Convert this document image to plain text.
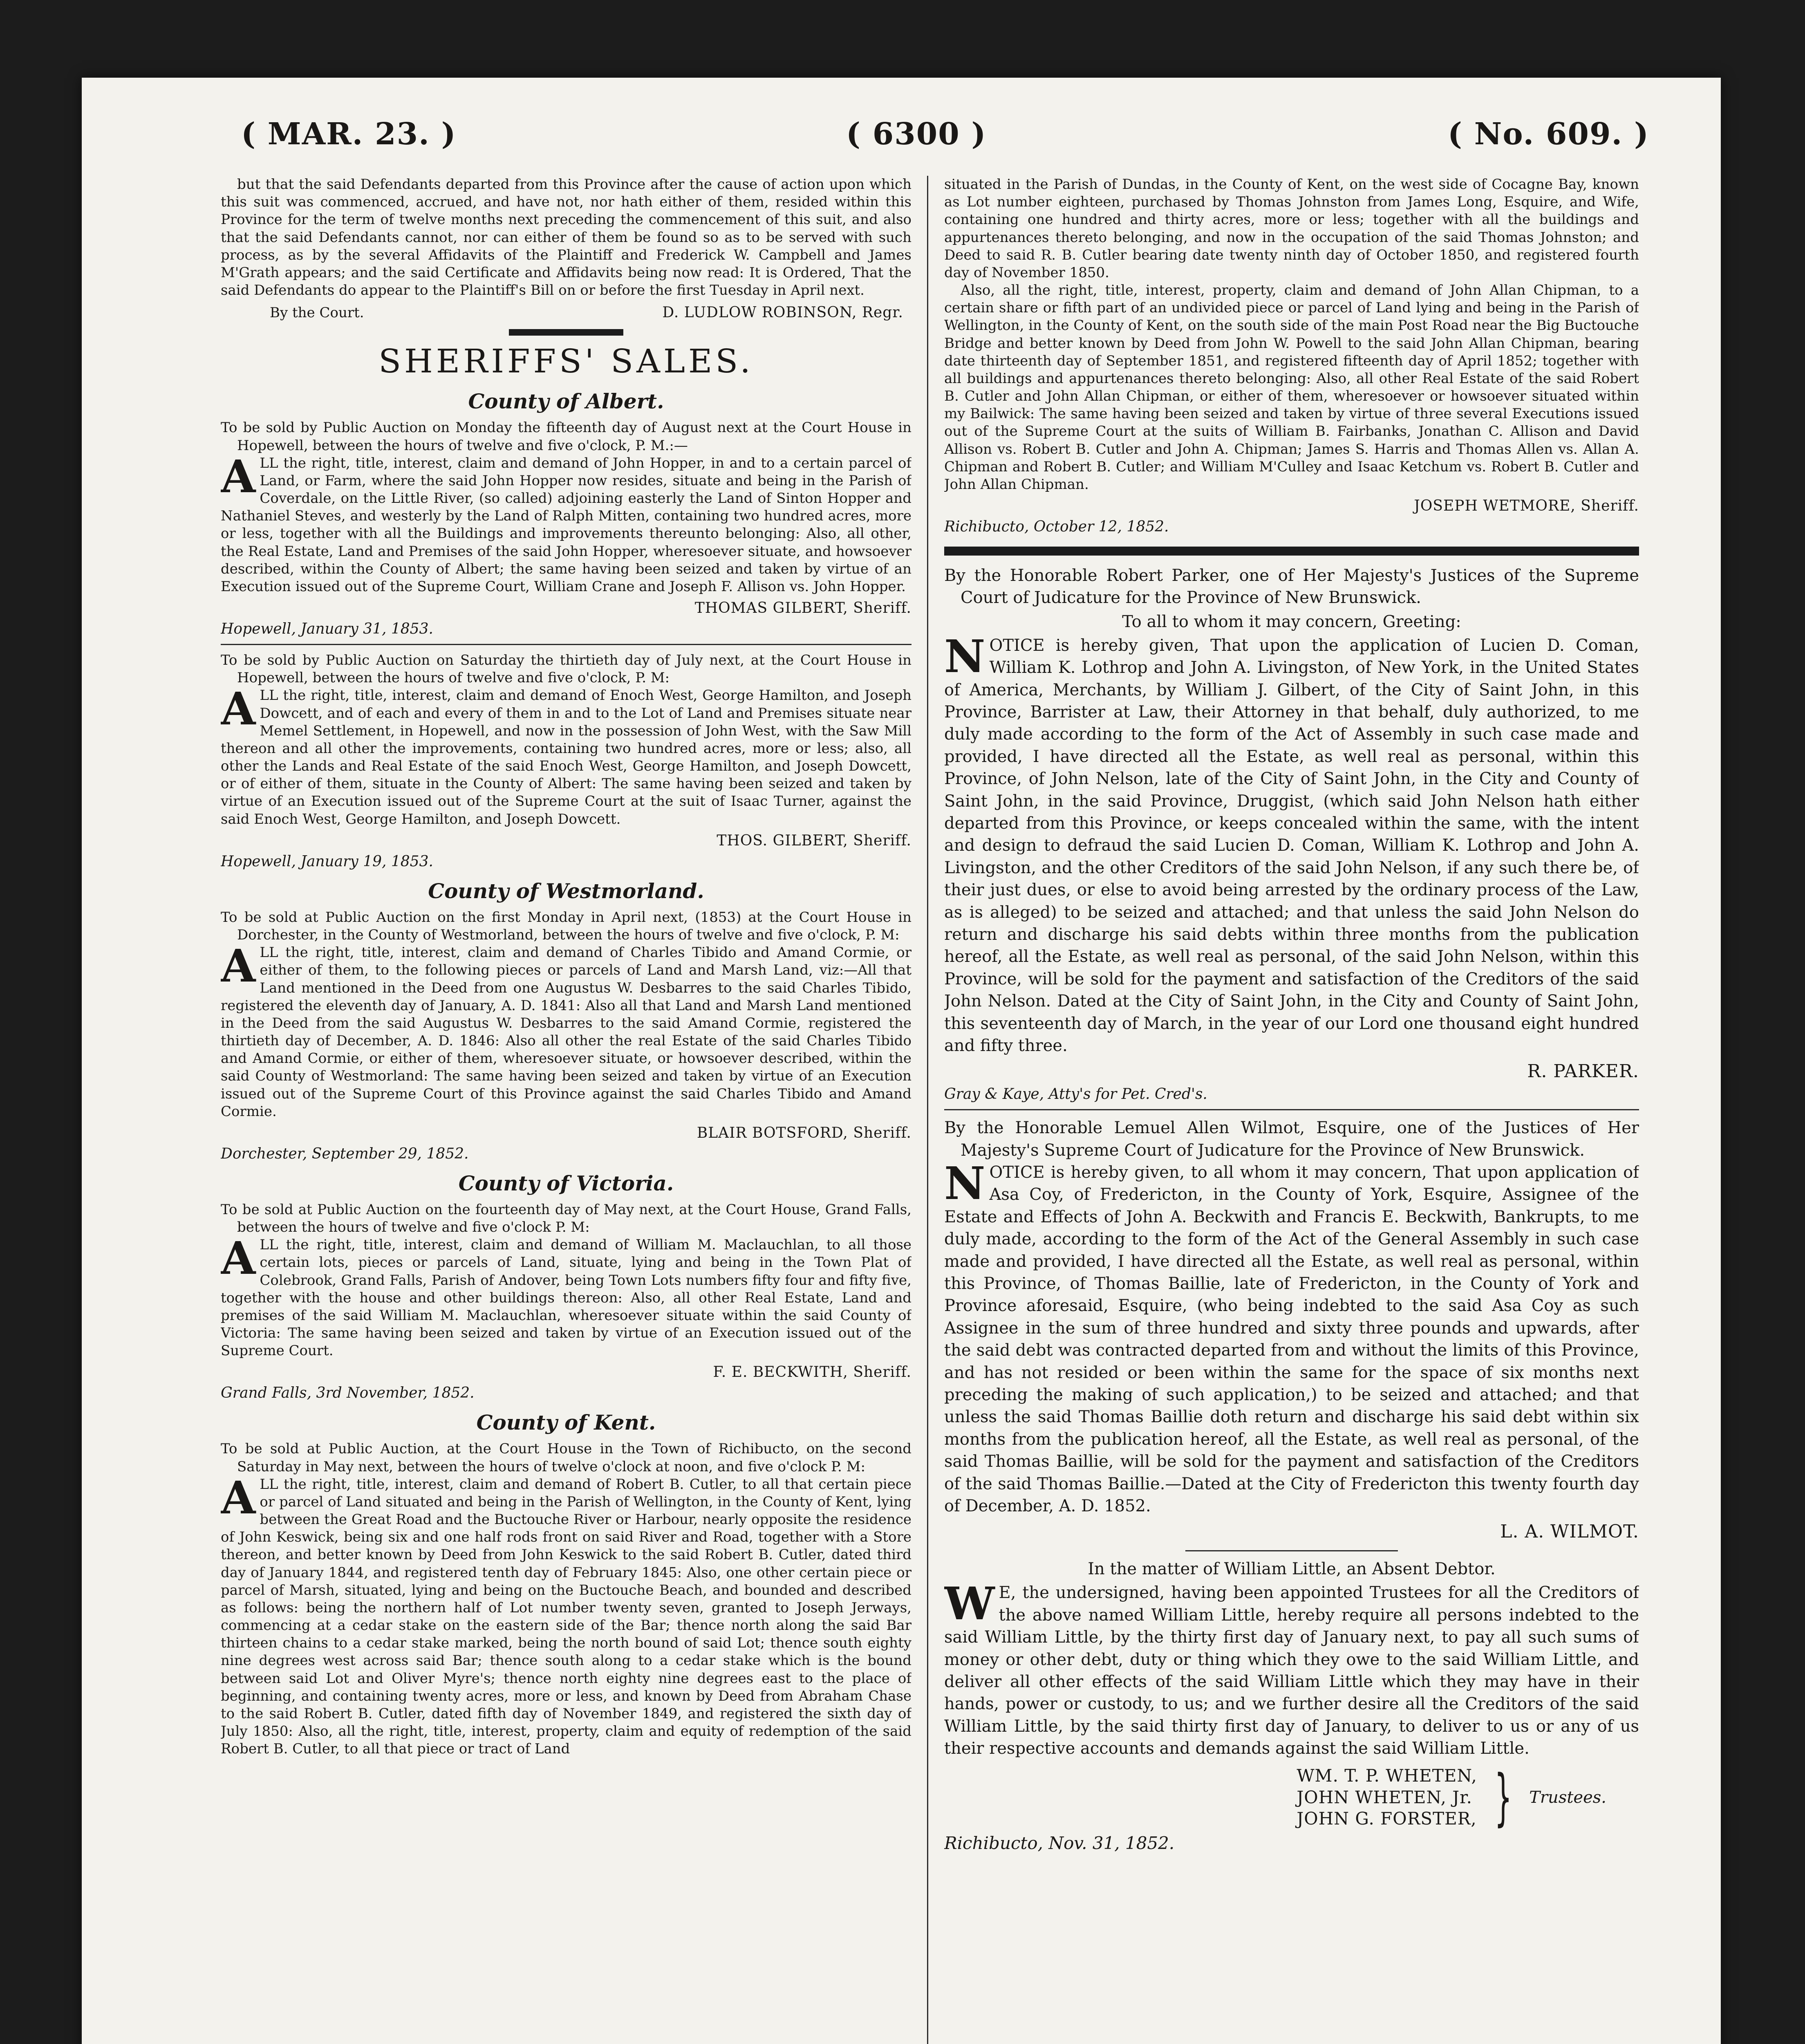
( MAR. 23. )	( 6300 )	( No. 609. )

but that the said Defendants departed from this Province after the cause of action upon which this suit was commenced, accrued, and have not, nor hath either of them, resided within this Province for the term of twelve months next preceding the commencement of this suit, and also that the said Defendants cannot, nor can either of them be found so as to be served with such process, as by the several Affidavits of the Plaintiff and Frederick W. Campbell and James M'Grath appears; and the said Certificate and Affidavits being now read: It is Ordered, That the said Defendants do appear to the Plaintiff's Bill on or before the first Tuesday in April next.

By the Court.	D. LUDLOW ROBINSON, Regr.
SHERIFFS' SALES.
County of Albert.

To be sold by Public Auction on Monday the fifteenth day of August next at the Court House in Hopewell, between the hours of twelve and five o'clock, P. M.:—

ALL the right, title, interest, claim and demand of John Hopper, in and to a certain parcel of Land, or Farm, where the said John Hopper now resides, situate and being in the Parish of Coverdale, on the Little River, (so called) adjoining easterly the Land of Sinton Hopper and Nathaniel Steves, and westerly by the Land of Ralph Mitten, containing two hundred acres, more or less, together with all the Buildings and improvements thereunto belonging: Also, all other, the Real Estate, Land and Premises of the said John Hopper, wheresoever situate, and howsoever described, within the County of Albert; the same having been seized and taken by virtue of an Execution issued out of the Supreme Court, William Crane and Joseph F. Allison vs. John Hopper.

THOMAS GILBERT, Sheriff.
Hopewell, January 31, 1853.

To be sold by Public Auction on Saturday the thirtieth day of July next, at the Court House in Hopewell, between the hours of twelve and five o'clock, P. M:

ALL the right, title, interest, claim and demand of Enoch West, George Hamilton, and Joseph Dowcett, and of each and every of them in and to the Lot of Land and Premises situate near Memel Settlement, in Hopewell, and now in the possession of John West, with the Saw Mill thereon and all other the improvements, containing two hundred acres, more or less; also, all other the Lands and Real Estate of the said Enoch West, George Hamilton, and Joseph Dowcett, or of either of them, situate in the County of Albert: The same having been seized and taken by virtue of an Execution issued out of the Supreme Court at the suit of Isaac Turner, against the said Enoch West, George Hamilton, and Joseph Dowcett.

THOS. GILBERT, Sheriff.
Hopewell, January 19, 1853.
County of Westmorland.

To be sold at Public Auction on the first Monday in April next, (1853) at the Court House in Dorchester, in the County of Westmorland, between the hours of twelve and five o'clock, P. M:

ALL the right, title, interest, claim and demand of Charles Tibido and Amand Cormie, or either of them, to the following pieces or parcels of Land and Marsh Land, viz:—All that Land mentioned in the Deed from one Augustus W. Desbarres to the said Charles Tibido, registered the eleventh day of January, A. D. 1841: Also all that Land and Marsh Land mentioned in the Deed from the said Augustus W. Desbarres to the said Amand Cormie, registered the thirtieth day of December, A. D. 1846: Also all other the real Estate of the said Charles Tibido and Amand Cormie, or either of them, wheresoever situate, or howsoever described, within the said County of Westmorland: The same having been seized and taken by virtue of an Execution issued out of the Supreme Court of this Province against the said Charles Tibido and Amand Cormie.

BLAIR BOTSFORD, Sheriff.
Dorchester, September 29, 1852.
County of Victoria.

To be sold at Public Auction on the fourteenth day of May next, at the Court House, Grand Falls, between the hours of twelve and five o'clock P. M:

ALL the right, title, interest, claim and demand of William M. Maclauchlan, to all those certain lots, pieces or parcels of Land, situate, lying and being in the Town Plat of Colebrook, Grand Falls, Parish of Andover, being Town Lots numbers fifty four and fifty five, together with the house and other buildings thereon: Also, all other Real Estate, Land and premises of the said William M. Maclauchlan, wheresoever situate within the said County of Victoria: The same having been seized and taken by virtue of an Execution issued out of the Supreme Court.

F. E. BECKWITH, Sheriff.
Grand Falls, 3rd November, 1852.
County of Kent.

To be sold at Public Auction, at the Court House in the Town of Richibucto, on the second Saturday in May next, between the hours of twelve o'clock at noon, and five o'clock P. M:

ALL the right, title, interest, claim and demand of Robert B. Cutler, to all that certain piece or parcel of Land situated and being in the Parish of Wellington, in the County of Kent, lying between the Great Road and the Buctouche River or Harbour, nearly opposite the residence of John Keswick, being six and one half rods front on said River and Road, together with a Store thereon, and better known by Deed from John Keswick to the said Robert B. Cutler, dated third day of January 1844, and registered tenth day of February 1845: Also, one other certain piece or parcel of Marsh, situated, lying and being on the Buctouche Beach, and bounded and described as follows: being the northern half of Lot number twenty seven, granted to Joseph Jerways, commencing at a cedar stake on the eastern side of the Bar; thence north along the said Bar thirteen chains to a cedar stake marked, being the north bound of said Lot; thence south eighty nine degrees west across said Bar; thence south along to a cedar stake which is the bound between said Lot and Oliver Myre's; thence north eighty nine degrees east to the place of beginning, and containing twenty acres, more or less, and known by Deed from Abraham Chase to the said Robert B. Cutler, dated fifth day of November 1849, and registered the sixth day of July 1850: Also, all the right, title, interest, property, claim and equity of redemption of the said Robert B. Cutler, to all that piece or tract of Land

situated in the Parish of Dundas, in the County of Kent, on the west side of Cocagne Bay, known as Lot number eighteen, purchased by Thomas Johnston from James Long, Esquire, and Wife, containing one hundred and thirty acres, more or less; together with all the buildings and appurtenances thereto belonging, and now in the occupation of the said Thomas Johnston; and Deed to said R. B. Cutler bearing date twenty ninth day of October 1850, and registered fourth day of November 1850.

Also, all the right, title, interest, property, claim and demand of John Allan Chipman, to a certain share or fifth part of an undivided piece or parcel of Land lying and being in the Parish of Wellington, in the County of Kent, on the south side of the main Post Road near the Big Buctouche Bridge and better known by Deed from John W. Powell to the said John Allan Chipman, bearing date thirteenth day of September 1851, and registered fifteenth day of April 1852; together with all buildings and appurtenances thereto belonging: Also, all other Real Estate of the said Robert B. Cutler and John Allan Chipman, or either of them, wheresoever or howsoever situated within my Bailwick: The same having been seized and taken by virtue of three several Executions issued out of the Supreme Court at the suits of William B. Fairbanks, Jonathan C. Allison and David Allison vs. Robert B. Cutler and John A. Chipman; James S. Harris and Thomas Allen vs. Allan A. Chipman and Robert B. Cutler; and William M'Culley and Isaac Ketchum vs. Robert B. Cutler and John Allan Chipman.

JOSEPH WETMORE, Sheriff.
Richibucto, October 12, 1852.

By the Honorable Robert Parker, one of Her Majesty's Justices of the Supreme Court of Judicature for the Province of New Brunswick.

To all to whom it may concern, Greeting:

NOTICE is hereby given, That upon the application of Lucien D. Coman, William K. Lothrop and John A. Livingston, of New York, in the United States of America, Merchants, by William J. Gilbert, of the City of Saint John, in this Province, Barrister at Law, their Attorney in that behalf, duly authorized, to me duly made according to the form of the Act of Assembly in such case made and provided, I have directed all the Estate, as well real as personal, within this Province, of John Nelson, late of the City of Saint John, in the City and County of Saint John, in the said Province, Druggist, (which said John Nelson hath either departed from this Province, or keeps concealed within the same, with the intent and design to defraud the said Lucien D. Coman, William K. Lothrop and John A. Livingston, and the other Creditors of the said John Nelson, if any such there be, of their just dues, or else to avoid being arrested by the ordinary process of the Law, as is alleged) to be seized and attached; and that unless the said John Nelson do return and discharge his said debts within three months from the publication hereof, all the Estate, as well real as personal, of the said John Nelson, within this Province, will be sold for the payment and satisfaction of the Creditors of the said John Nelson. Dated at the City of Saint John, in the City and County of Saint John, this seventeenth day of March, in the year of our Lord one thousand eight hundred and fifty three.

R. PARKER.
Gray & Kaye, Atty's for Pet. Cred's.

By the Honorable Lemuel Allen Wilmot, Esquire, one of the Justices of Her Majesty's Supreme Court of Judicature for the Province of New Brunswick.

NOTICE is hereby given, to all whom it may concern, That upon application of Asa Coy, of Fredericton, in the County of York, Esquire, Assignee of the Estate and Effects of John A. Beckwith and Francis E. Beckwith, Bankrupts, to me duly made, according to the form of the Act of the General Assembly in such case made and provided, I have directed all the Estate, as well real as personal, within this Province, of Thomas Baillie, late of Fredericton, in the County of York and Province aforesaid, Esquire, (who being indebted to the said Asa Coy as such Assignee in the sum of three hundred and sixty three pounds and upwards, after the said debt was contracted departed from and without the limits of this Province, and has not resided or been within the same for the space of six months next preceding the making of such application,) to be seized and attached; and that unless the said Thomas Baillie doth return and discharge his said debt within six months from the publication hereof, all the Estate, as well real as personal, of the said Thomas Baillie, will be sold for the payment and satisfaction of the Creditors of the said Thomas Baillie.—Dated at the City of Fredericton this twenty fourth day of December, A. D. 1852.

L. A. WILMOT.
In the matter of William Little, an Absent Debtor.

WE, the undersigned, having been appointed Trustees for all the Creditors of the above named William Little, hereby require all persons indebted to the said William Little, by the thirty first day of January next, to pay all such sums of money or other debt, duty or thing which they owe to the said William Little, and deliver all other effects of the said William Little which they may have in their hands, power or custody, to us; and we further desire all the Creditors of the said William Little, by the said thirty first day of January, to deliver to us or any of us their respective accounts and demands against the said William Little.

WM. T. P. WHETEN,
JOHN WHETEN, Jr.
JOHN G. FORSTER, } Trustees.
Richibucto, Nov. 31, 1852.
